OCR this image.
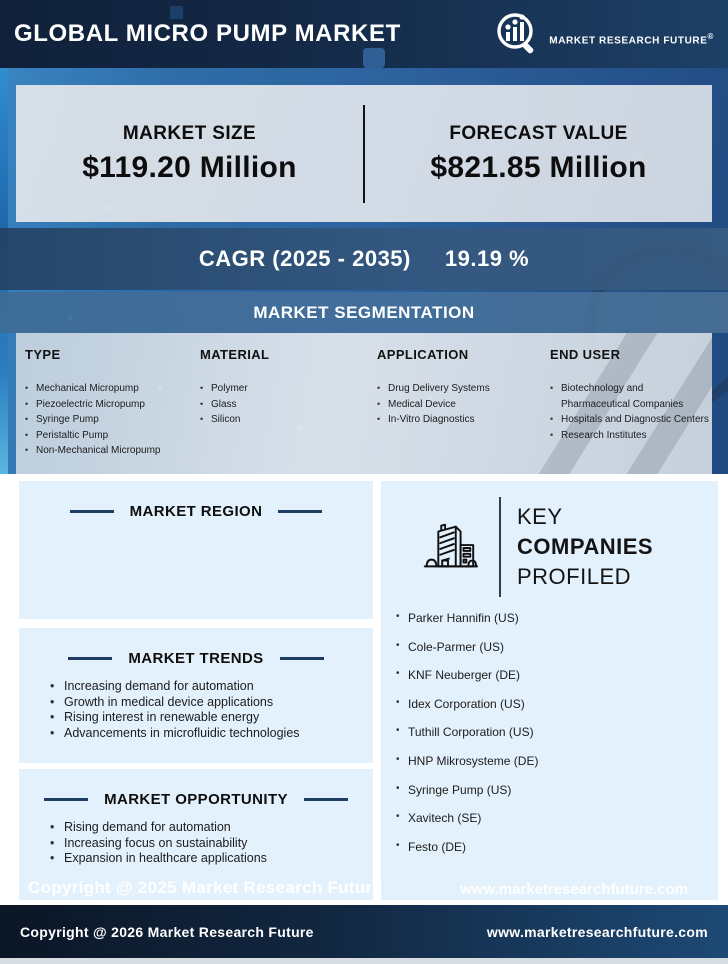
GLOBAL MICRO PUMP MARKET	MARKET RESEARCH FUTURE®
MARKET SIZE
$119.20 Million
FORECAST VALUE
$821.85 Million
CAGR (2025 - 2035) 19.19 %
MARKET SEGMENTATION
TYPE
• Mechanical Micropump
• Piezoelectric Micropump
• Syringe Pump
• Peristaltic Pump
• Non-Mechanical Micropump
MATERIAL
• Polymer
• Glass
• Silicon
APPLICATION
• Drug Delivery Systems
• Medical Device
• In-Vitro Diagnostics
END USER
• Biotechnology and Pharmaceutical Companies
• Hospitals and Diagnostic Centers
• Research Institutes
MARKET REGION
MARKET TRENDS
• Increasing demand for automation
• Growth in medical device applications
• Rising interest in renewable energy
• Advancements in microfluidic technologies
MARKET OPPORTUNITY
• Rising demand for automation
• Increasing focus on sustainability
• Expansion in healthcare applications
KEY
COMPANIES
PROFILED
• Parker Hannifin (US)
• Cole-Parmer (US)
• KNF Neuberger (DE)
• Idex Corporation (US)
• Tuthill Corporation (US)
• HNP Mikrosysteme (DE)
• Syringe Pump (US)
• Xavitech (SE)
• Festo (DE)
Copyright @ 2025 Market Research Future	www.marketresearchfuture.com
Copyright @ 2026 Market Research Future	www.marketresearchfuture.com
